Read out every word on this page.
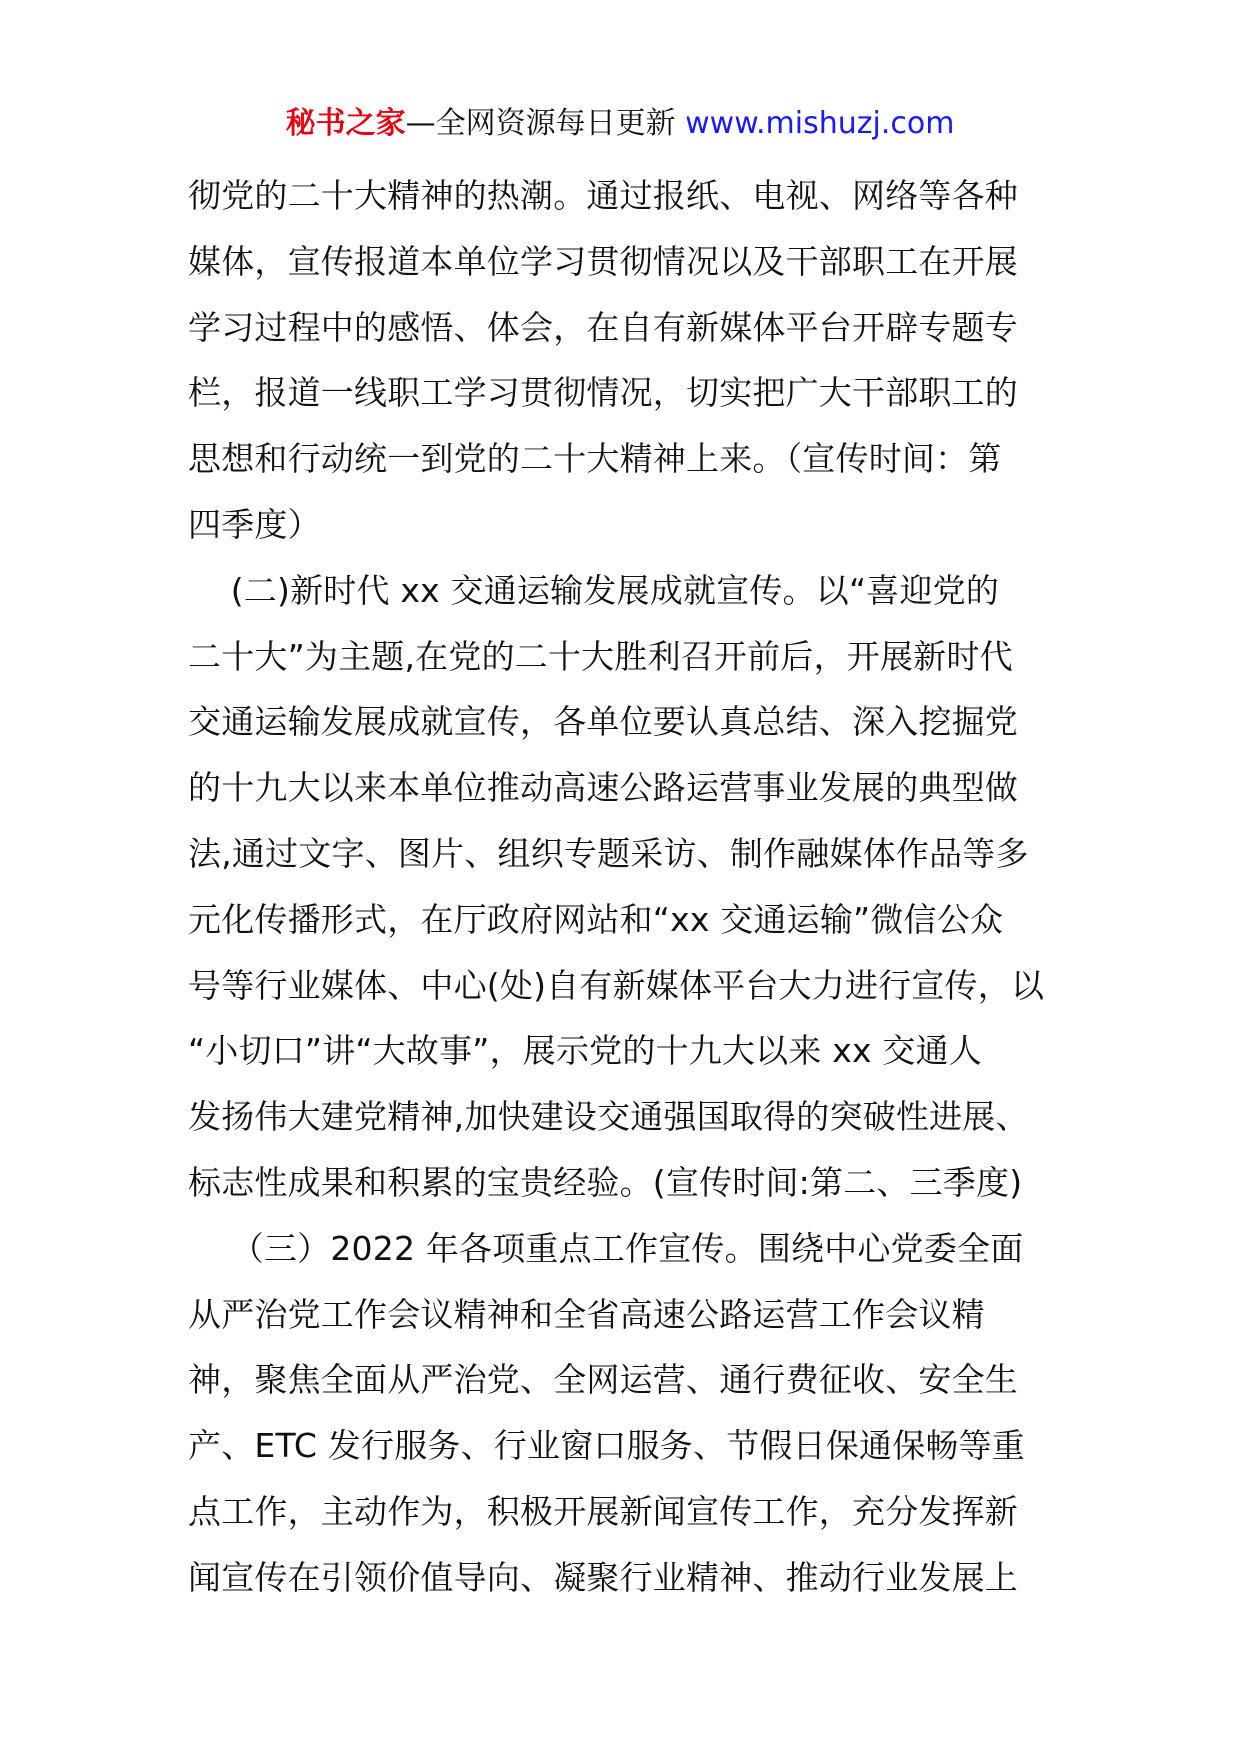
秘书之家—全网资源每日更新 www.mishuzj.com
彻党的二十大精神的热潮。通过报纸、电视、网络等各种
媒体，宣传报道本单位学习贯彻情况以及干部职工在开展
学习过程中的感悟、体会，在自有新媒体平台开辟专题专
栏，报道一线职工学习贯彻情况，切实把广大干部职工的
思想和行动统一到党的二十大精神上来。（宣传时间：第
四季度）
(二)新时代 xx 交通运输发展成就宣传。以“喜迎党的
二十大”为主题,在党的二十大胜利召开前后，开展新时代
交通运输发展成就宣传，各单位要认真总结、深入挖掘党
的十九大以来本单位推动高速公路运营事业发展的典型做
法,通过文字、图片、组织专题采访、制作融媒体作品等多
元化传播形式，在厅政府网站和“xx 交通运输”微信公众
号等行业媒体、中心(处)自有新媒体平台大力进行宣传，以
“小切口”讲“大故事”，展示党的十九大以来 xx 交通人
发扬伟大建党精神,加快建设交通强国取得的突破性进展、
标志性成果和积累的宝贵经验。(宣传时间:第二、三季度)
（三）2022 年各项重点工作宣传。围绕中心党委全面
从严治党工作会议精神和全省高速公路运营工作会议精
神，聚焦全面从严治党、全网运营、通行费征收、安全生
产、ETC 发行服务、行业窗口服务、节假日保通保畅等重
点工作，主动作为，积极开展新闻宣传工作，充分发挥新
闻宣传在引领价值导向、凝聚行业精神、推动行业发展上
